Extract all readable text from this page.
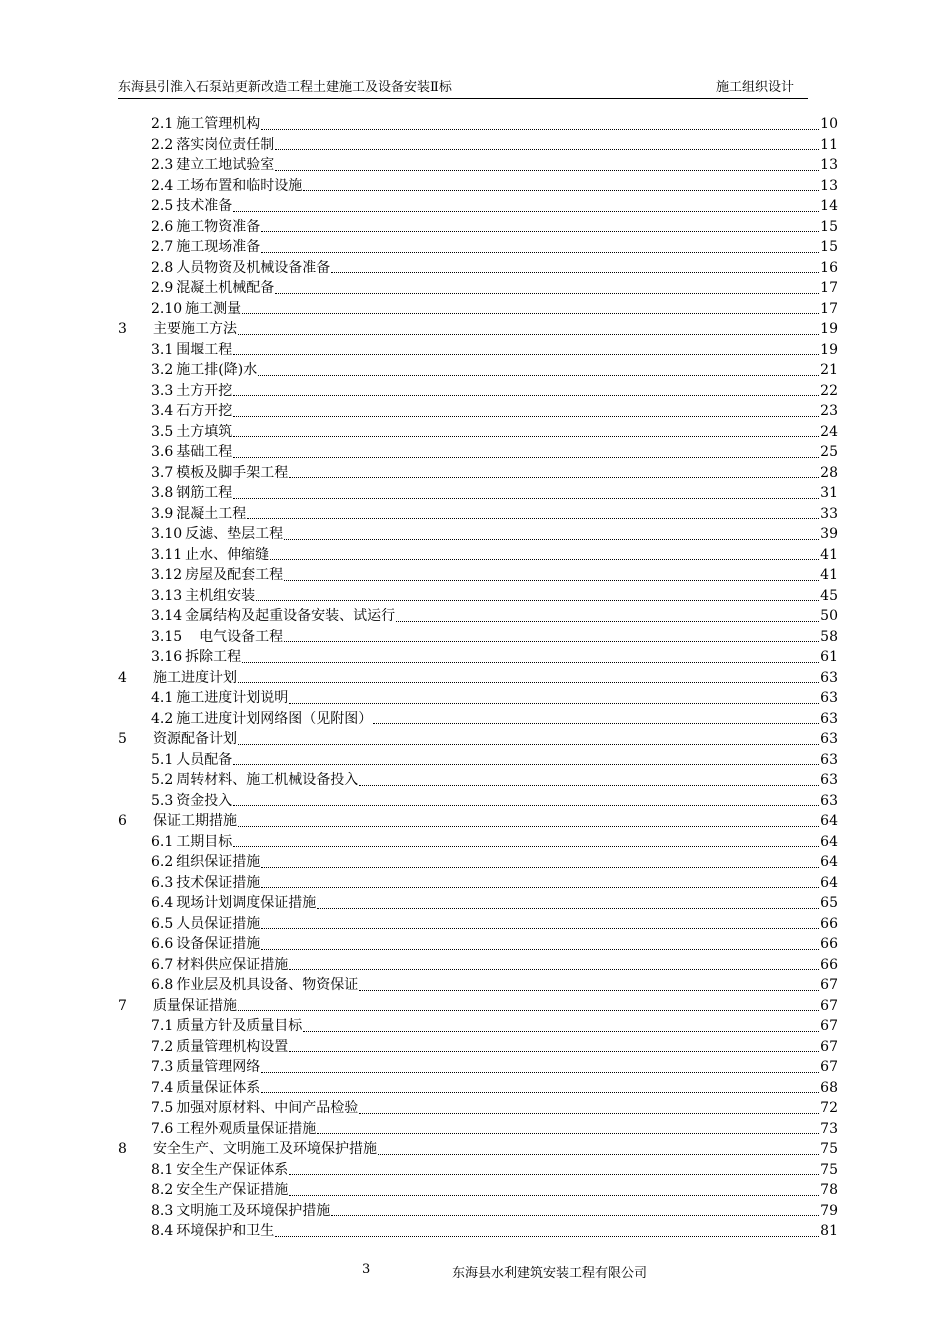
东海县引淮入石泵站更新改造工程土建施工及设备安装Ⅱ标	施工组织设计
2.1 施工管理机构	10
2.2 落实岗位责任制	11
2.3 建立工地试验室	13
2.4 工场布置和临时设施	13
2.5 技术准备	14
2.6 施工物资准备	15
2.7 施工现场准备	15
2.8 人员物资及机械设备准备	16
2.9 混凝土机械配备	17
2.10 施工测量	17
3	主要施工方法	19
3.1 围堰工程	19
3.2 施工排(降)水	21
3.3 土方开挖	22
3.4 石方开挖	23
3.5 土方填筑	24
3.6 基础工程	25
3.7 模板及脚手架工程	28
3.8 钢筋工程	31
3.9 混凝土工程	33
3.10 反滤、垫层工程	39
3.11 止水、伸缩缝	41
3.12 房屋及配套工程	41
3.13 主机组安装	45
3.14 金属结构及起重设备安装、试运行	50
3.15 　电气设备工程	58
3.16 拆除工程	61
4	施工进度计划	63
4.1 施工进度计划说明	63
4.2 施工进度计划网络图（见附图）	63
5	资源配备计划	63
5.1 人员配备	63
5.2 周转材料、施工机械设备投入	63
5.3 资金投入	63
6	保证工期措施	64
6.1 工期目标	64
6.2 组织保证措施	64
6.3 技术保证措施	64
6.4 现场计划调度保证措施	65
6.5 人员保证措施	66
6.6 设备保证措施	66
6.7 材料供应保证措施	66
6.8 作业层及机具设备、物资保证	67
7	质量保证措施	67
7.1 质量方针及质量目标	67
7.2 质量管理机构设置	67
7.3 质量管理网络	67
7.4 质量保证体系	68
7.5 加强对原材料、中间产品检验	72
7.6 工程外观质量保证措施	73
8	安全生产、文明施工及环境保护措施	75
8.1 安全生产保证体系	75
8.2 安全生产保证措施	78
8.3 文明施工及环境保护措施	79
8.4 环境保护和卫生	81
3	东海县水利建筑安装工程有限公司
